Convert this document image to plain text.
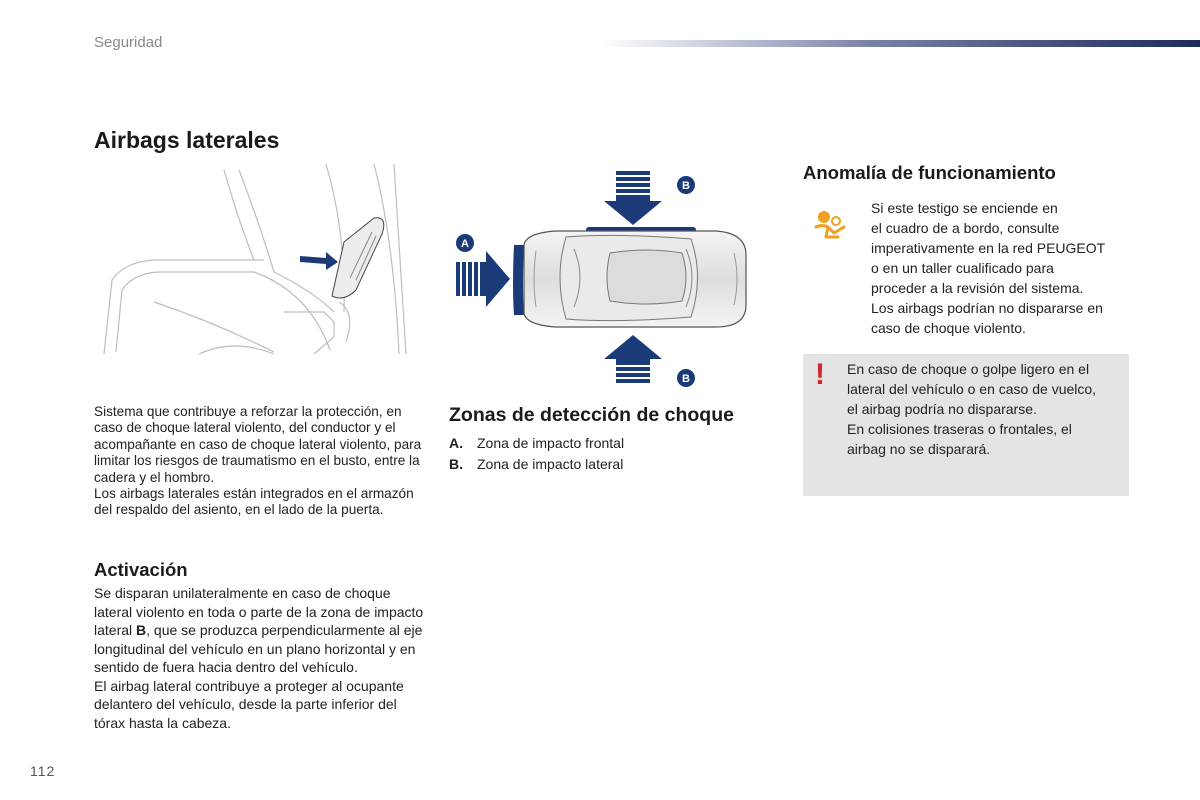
Seguridad
Airbags laterales

Sistema que contribuye a reforzar la protección, en caso de choque lateral violento, del conductor y el acompañante en caso de choque lateral violento, para limitar los riesgos de traumatismo en el busto, entre la cadera y el hombro.

Los airbags laterales están integrados en el armazón del respaldo del asiento, en el lado de la puerta.

Activación

Se disparan unilateralmente en caso de choque lateral violento en toda o parte de la zona de impacto lateral B, que se produzca perpendicularmente al eje longitudinal del vehículo en un plano horizontal y en sentido de fuera hacia dentro del vehículo.

El airbag lateral contribuye a proteger al ocupante delantero del vehículo, desde la parte inferior del tórax hasta la cabeza.

112
A
B
B
Zonas de detección de choque
A. Zona de impacto frontal
B. Zona de impacto lateral
Anomalía de funcionamiento

Si este testigo se enciende en

el cuadro de a bordo, consulte

imperativamente en la red PEUGEOT

o en un taller cualificado para

proceder a la revisión del sistema.

Los airbags podrían no dispararse en

caso de choque violento.

! En caso de choque o golpe ligero en el

lateral del vehículo o en caso de vuelco,

el airbag podría no dispararse.

En colisiones traseras o frontales, el

airbag no se disparará.
